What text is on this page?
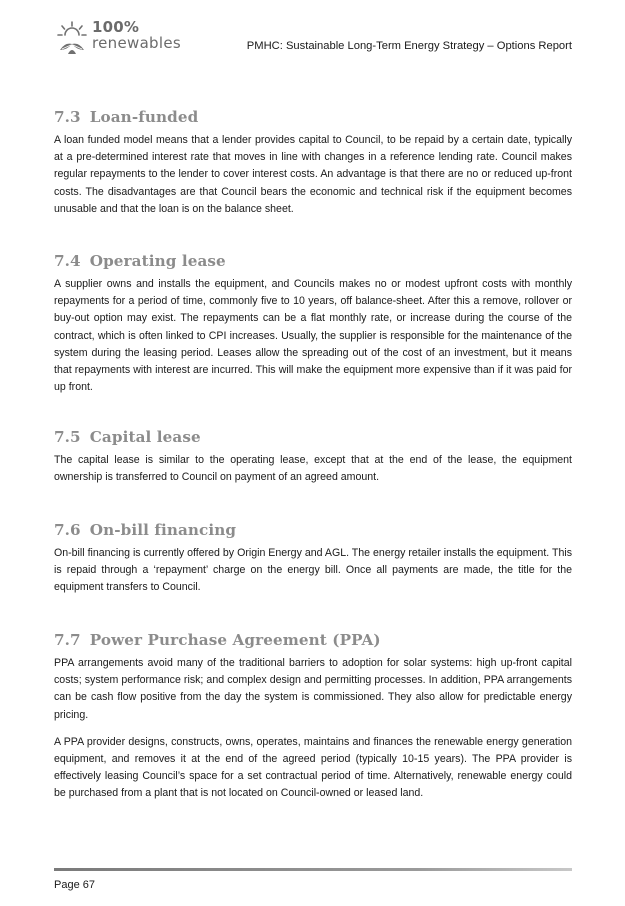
100%
renewables	PMHC: Sustainable Long-Term Energy Strategy – Options Report
7.3 Loan-funded

A loan funded model means that a lender provides capital to Council, to be repaid by a certain date, typically at a pre-determined interest rate that moves in line with changes in a reference lending rate. Council makes regular repayments to the lender to cover interest costs. An advantage is that there are no or reduced up-front costs. The disadvantages are that Council bears the economic and technical risk if the equipment becomes unusable and that the loan is on the balance sheet.

7.4 Operating lease

A supplier owns and installs the equipment, and Councils makes no or modest upfront costs with monthly repayments for a period of time, commonly five to 10 years, off balance-sheet. After this a remove, rollover or buy-out option may exist. The repayments can be a flat monthly rate, or increase during the course of the contract, which is often linked to CPI increases. Usually, the supplier is responsible for the maintenance of the system during the leasing period. Leases allow the spreading out of the cost of an investment, but it means that repayments with interest are incurred. This will make the equipment more expensive than if it was paid for up front.

7.5 Capital lease

The capital lease is similar to the operating lease, except that at the end of the lease, the equipment ownership is transferred to Council on payment of an agreed amount.

7.6 On-bill financing

On-bill financing is currently offered by Origin Energy and AGL. The energy retailer installs the equipment. This is repaid through a ‘repayment’ charge on the energy bill. Once all payments are made, the title for the equipment transfers to Council.

7.7 Power Purchase Agreement (PPA)

PPA arrangements avoid many of the traditional barriers to adoption for solar systems: high up-front capital costs; system performance risk; and complex design and permitting processes. In addition, PPA arrangements can be cash flow positive from the day the system is commissioned. They also allow for predictable energy pricing.

A PPA provider designs, constructs, owns, operates, maintains and finances the renewable energy generation equipment, and removes it at the end of the agreed period (typically 10-15 years). The PPA provider is effectively leasing Council’s space for a set contractual period of time. Alternatively, renewable energy could be purchased from a plant that is not located on Council-owned or leased land.

Page 67
